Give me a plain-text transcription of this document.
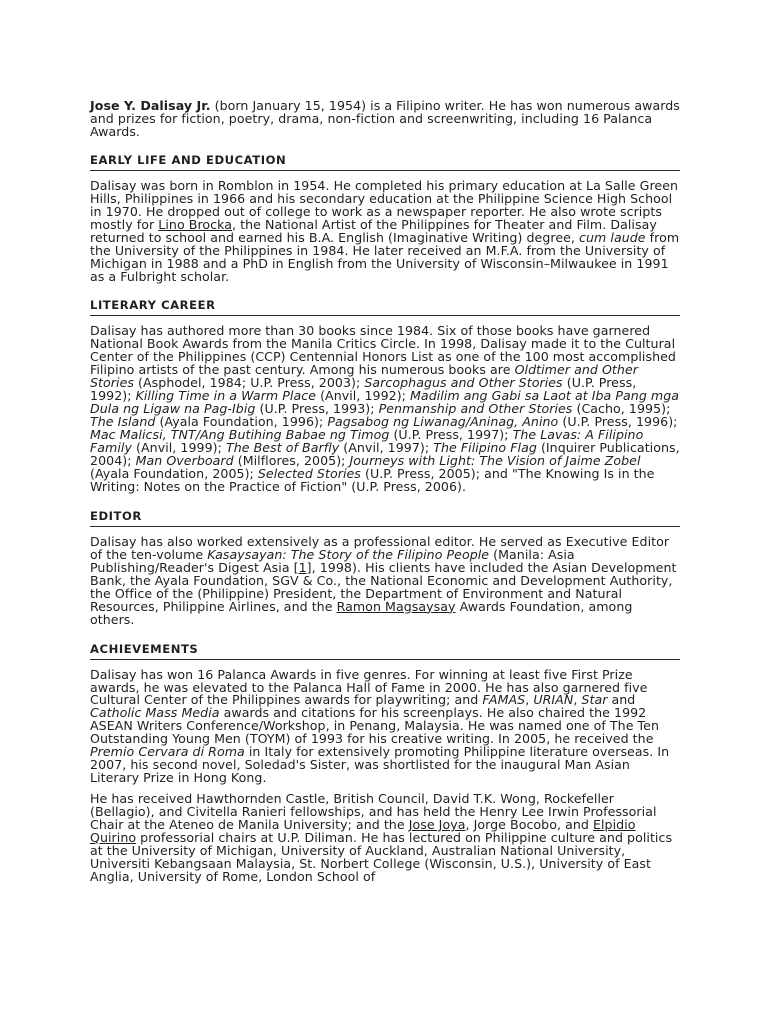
Jose Y. Dalisay Jr. (born January 15, 1954) is a Filipino writer. He has won numerous awards and prizes for fiction, poetry, drama, non-fiction and screenwriting, including 16 Palanca Awards.

EARLY LIFE AND EDUCATION

Dalisay was born in Romblon in 1954. He completed his primary education at La Salle Green Hills, Philippines in 1966 and his secondary education at the Philippine Science High School in 1970. He dropped out of college to work as a newspaper reporter. He also wrote scripts mostly for Lino Brocka, the National Artist of the Philippines for Theater and Film. Dalisay returned to school and earned his B.A. English (Imaginative Writing) degree, cum laude from the University of the Philippines in 1984. He later received an M.F.A. from the University of Michigan in 1988 and a PhD in English from the University of Wisconsin–Milwaukee in 1991 as a Fulbright scholar.

LITERARY CAREER

Dalisay has authored more than 30 books since 1984. Six of those books have garnered National Book Awards from the Manila Critics Circle. In 1998, Dalisay made it to the Cultural Center of the Philippines (CCP) Centennial Honors List as one of the 100 most accomplished Filipino artists of the past century. Among his numerous books are Oldtimer and Other Stories (Asphodel, 1984; U.P. Press, 2003); Sarcophagus and Other Stories (U.P. Press, 1992); Killing Time in a Warm Place (Anvil, 1992); Madilim ang Gabi sa Laot at Iba Pang mga Dula ng Ligaw na Pag-Ibig (U.P. Press, 1993); Penmanship and Other Stories (Cacho, 1995); The Island (Ayala Foundation, 1996); Pagsabog ng Liwanag/Aninag, Anino (U.P. Press, 1996); Mac Malicsi, TNT/Ang Butihing Babae ng Timog (U.P. Press, 1997); The Lavas: A Filipino Family (Anvil, 1999); The Best of Barfly (Anvil, 1997); The Filipino Flag (Inquirer Publications, 2004); Man Overboard (Milflores, 2005); Journeys with Light: The Vision of Jaime Zobel (Ayala Foundation, 2005); Selected Stories (U.P. Press, 2005); and "The Knowing Is in the Writing: Notes on the Practice of Fiction" (U.P. Press, 2006).

EDITOR

Dalisay has also worked extensively as a professional editor. He served as Executive Editor of the ten-volume Kasaysayan: The Story of the Filipino People (Manila: Asia Publishing/Reader's Digest Asia [1], 1998). His clients have included the Asian Development Bank, the Ayala Foundation, SGV & Co., the National Economic and Development Authority, the Office of the (Philippine) President, the Department of Environment and Natural Resources, Philippine Airlines, and the Ramon Magsaysay Awards Foundation, among others.

ACHIEVEMENTS

Dalisay has won 16 Palanca Awards in five genres. For winning at least five First Prize awards, he was elevated to the Palanca Hall of Fame in 2000. He has also garnered five Cultural Center of the Philippines awards for playwriting; and FAMAS, URIAN, Star and Catholic Mass Media awards and citations for his screenplays. He also chaired the 1992 ASEAN Writers Conference/Workshop, in Penang, Malaysia. He was named one of The Ten Outstanding Young Men (TOYM) of 1993 for his creative writing. In 2005, he received the Premio Cervara di Roma in Italy for extensively promoting Philippine literature overseas. In 2007, his second novel, Soledad's Sister, was shortlisted for the inaugural Man Asian Literary Prize in Hong Kong.

He has received Hawthornden Castle, British Council, David T.K. Wong, Rockefeller (Bellagio), and Civitella Ranieri fellowships, and has held the Henry Lee Irwin Professorial Chair at the Ateneo de Manila University; and the Jose Joya, Jorge Bocobo, and Elpidio Quirino professorial chairs at U.P. Diliman. He has lectured on Philippine culture and politics at the University of Michigan, University of Auckland, Australian National University, Universiti Kebangsaan Malaysia, St. Norbert College (Wisconsin, U.S.), University of East Anglia, University of Rome, London School of
